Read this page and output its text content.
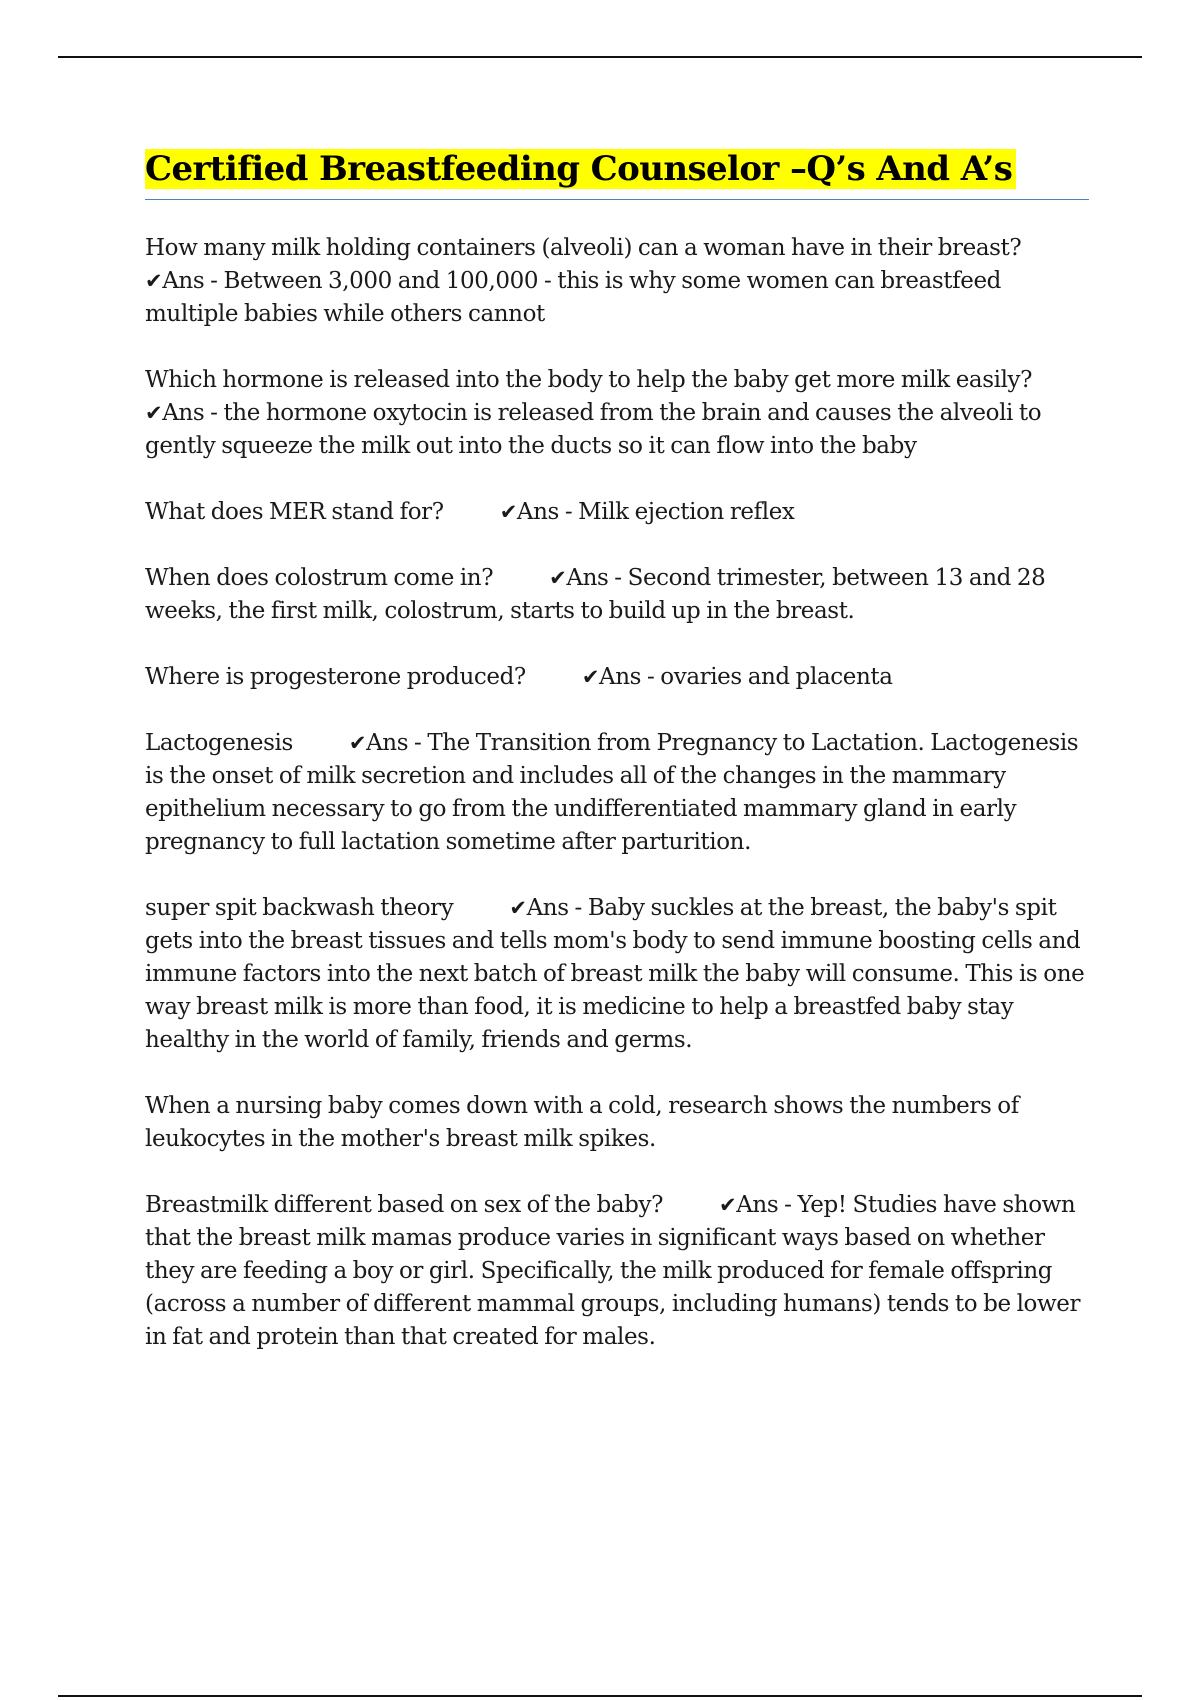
Certified Breastfeeding Counselor –Q’s And A’s

How many milk holding containers (alveoli) can a woman have in their breast?✔Ans - Between 3,000 and 100,000 - this is why some women can breastfeed multiple babies while others cannot

Which hormone is released into the body to help the baby get more milk easily?✔Ans - the hormone oxytocin is released from the brain and causes the alveoli to gently squeeze the milk out into the ducts so it can flow into the baby

What does MER stand for?	✔Ans - Milk ejection reflex

When does colostrum come in?	✔Ans - Second trimester, between 13 and 28 weeks, the first milk, colostrum, starts to build up in the breast.

Where is progesterone produced?	✔Ans - ovaries and placenta

Lactogenesis	✔Ans - The Transition from Pregnancy to Lactation. Lactogenesis is the onset of milk secretion and includes all of the changes in the mammary epithelium necessary to go from the undifferentiated mammary gland in early pregnancy to full lactation sometime after parturition.

super spit backwash theory	✔Ans - Baby suckles at the breast, the baby's spit gets into the breast tissues and tells mom's body to send immune boosting cells and immune factors into the next batch of breast milk the baby will consume. This is one way breast milk is more than food, it is medicine to help a breastfed baby stay healthy in the world of family, friends and germs.

When a nursing baby comes down with a cold, research shows the numbers of leukocytes in the mother's breast milk spikes.

Breastmilk different based on sex of the baby?	✔Ans - Yep! Studies have shown that the breast milk mamas produce varies in significant ways based on whether they are feeding a boy or girl. Specifically, the milk produced for female offspring (across a number of different mammal groups, including humans) tends to be lower in fat and protein than that created for males.
